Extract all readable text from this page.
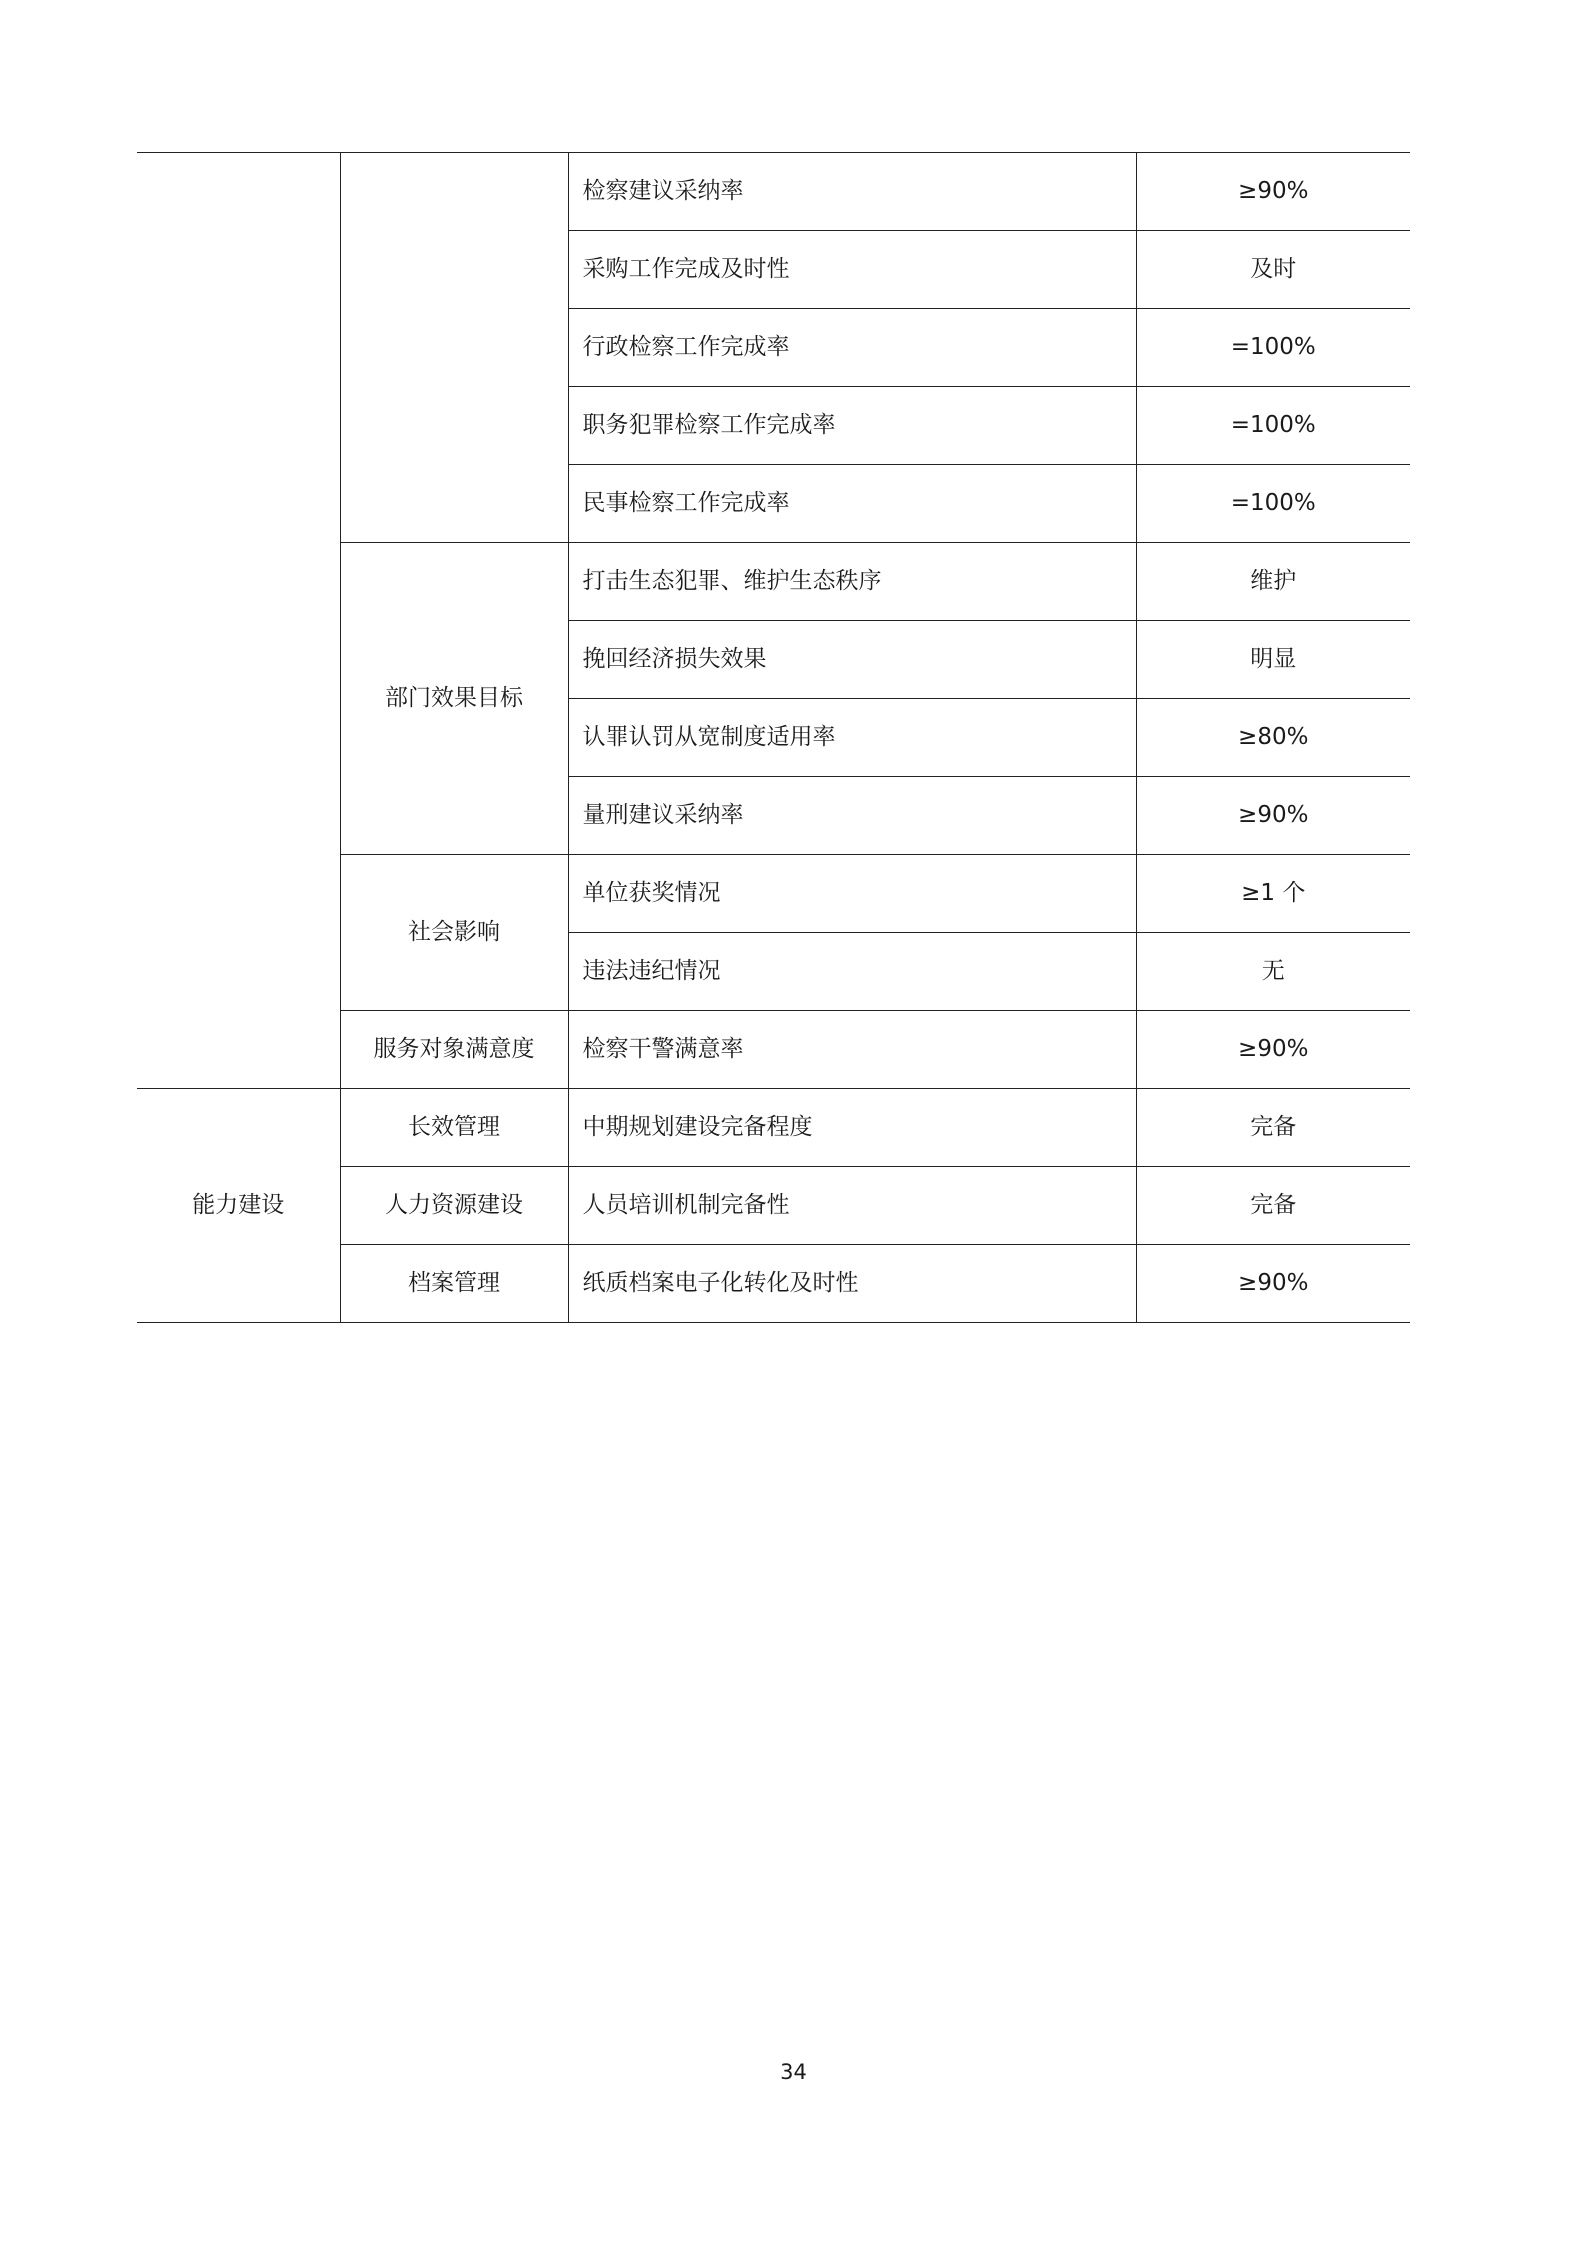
		检察建议采纳率	≥90%
		采购工作完成及时性	及时
		行政检察工作完成率	=100%
		职务犯罪检察工作完成率	=100%
		民事检察工作完成率	=100%
	部门效果目标	打击生态犯罪、维护生态秩序	维护
		挽回经济损失效果	明显
		认罪认罚从宽制度适用率	≥80%
		量刑建议采纳率	≥90%
	社会影响	单位获奖情况	≥1 个
		违法违纪情况	无
	服务对象满意度	检察干警满意率	≥90%
能力建设	长效管理	中期规划建设完备程度	完备
	人力资源建设	人员培训机制完备性	完备
	档案管理	纸质档案电子化转化及时性	≥90%
34
